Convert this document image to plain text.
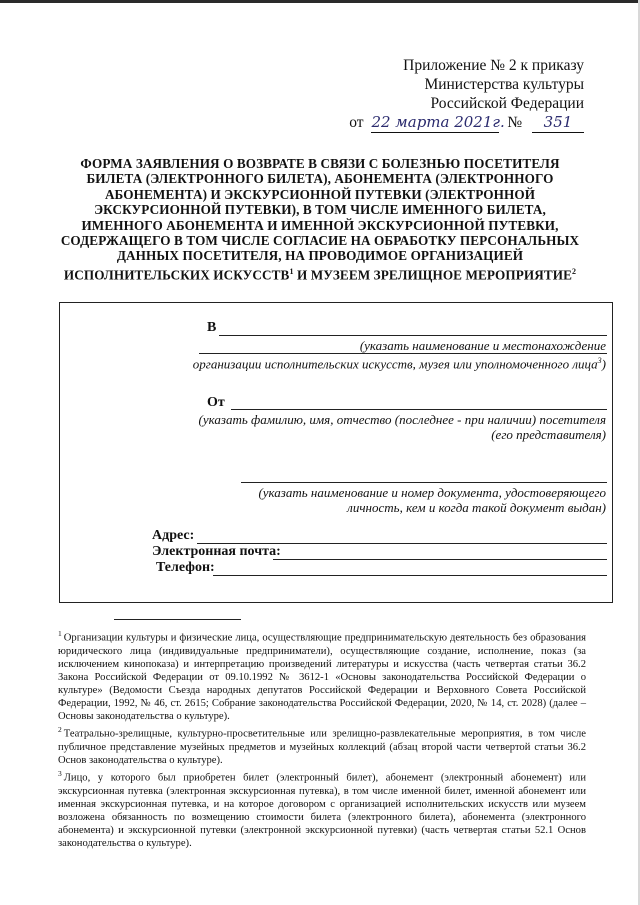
Приложение № 2 к приказу
Министерства культуры
Российской Федерации
от 22 марта 2021г. № 351
ФОРМА ЗАЯВЛЕНИЯ О ВОЗВРАТЕ В СВЯЗИ С БОЛЕЗНЬЮ ПОСЕТИТЕЛЯ БИЛЕТА (ЭЛЕКТРОННОГО БИЛЕТА), АБОНЕМЕНТА (ЭЛЕКТРОННОГО АБОНЕМЕНТА) И ЭКСКУРСИОННОЙ ПУТЕВКИ (ЭЛЕКТРОННОЙ ЭКСКУРСИОННОЙ ПУТЕВКИ), В ТОМ ЧИСЛЕ ИМЕННОГО БИЛЕТА, ИМЕННОГО АБОНЕМЕНТА И ИМЕННОЙ ЭКСКУРСИОННОЙ ПУТЕВКИ, СОДЕРЖАЩЕГО В ТОМ ЧИСЛЕ СОГЛАСИЕ НА ОБРАБОТКУ ПЕРСОНАЛЬНЫХ ДАННЫХ ПОСЕТИТЕЛЯ, НА ПРОВОДИМОЕ ОРГАНИЗАЦИЕЙ ИСПОЛНИТЕЛЬСКИХ ИСКУССТВ$^1$ И МУЗЕЕМ ЗРЕЛИЩНОЕ МЕРОПРИЯТИЕ$^2$
В
(указать наименование и местонахождение
организации исполнительских искусств, музея или уполномоченного лица$^3$)
От
(указать фамилию, имя, отчество (последнее - при наличии) посетителя
(его представителя)
(указать наименование и номер документа, удостоверяющего
личность, кем и когда такой документ выдан)
Адрес:
Электронная почта:
Телефон:

$^1$ Организации культуры и физические лица, осуществляющие предпринимательскую деятельность без образования юридического лица (индивидуальные предприниматели), осуществляющие создание, исполнение, показ (за исключением кинопоказа) и интерпретацию произведений литературы и искусства (часть четвертая статьи 36.2 Закона Российской Федерации от 09.10.1992 № 3612-1 «Основы законодательства Российской Федерации о культуре» (Ведомости Съезда народных депутатов Российской Федерации и Верховного Совета Российской Федерации, 1992, № 46, ст. 2615; Собрание законодательства Российской Федерации, 2020, № 14, ст. 2028) (далее – Основы законодательства о культуре).

$^2$ Театрально-зрелищные, культурно-просветительные или зрелищно-развлекательные мероприятия, в том числе публичное представление музейных предметов и музейных коллекций (абзац второй части четвертой статьи 36.2 Основ законодательства о культуре).

$^3$ Лицо, у которого был приобретен билет (электронный билет), абонемент (электронный абонемент) или экскурсионная путевка (электронная экскурсионная путевка), в том числе именной билет, именной абонемент или именная экскурсионная путевка, и на которое договором с организацией исполнительских искусств или музеем возложена обязанность по возмещению стоимости билета (электронного билета), абонемента (электронного абонемента) и экскурсионной путевки (электронной экскурсионной путевки) (часть четвертая статьи 52.1 Основ законодательства о культуре).
